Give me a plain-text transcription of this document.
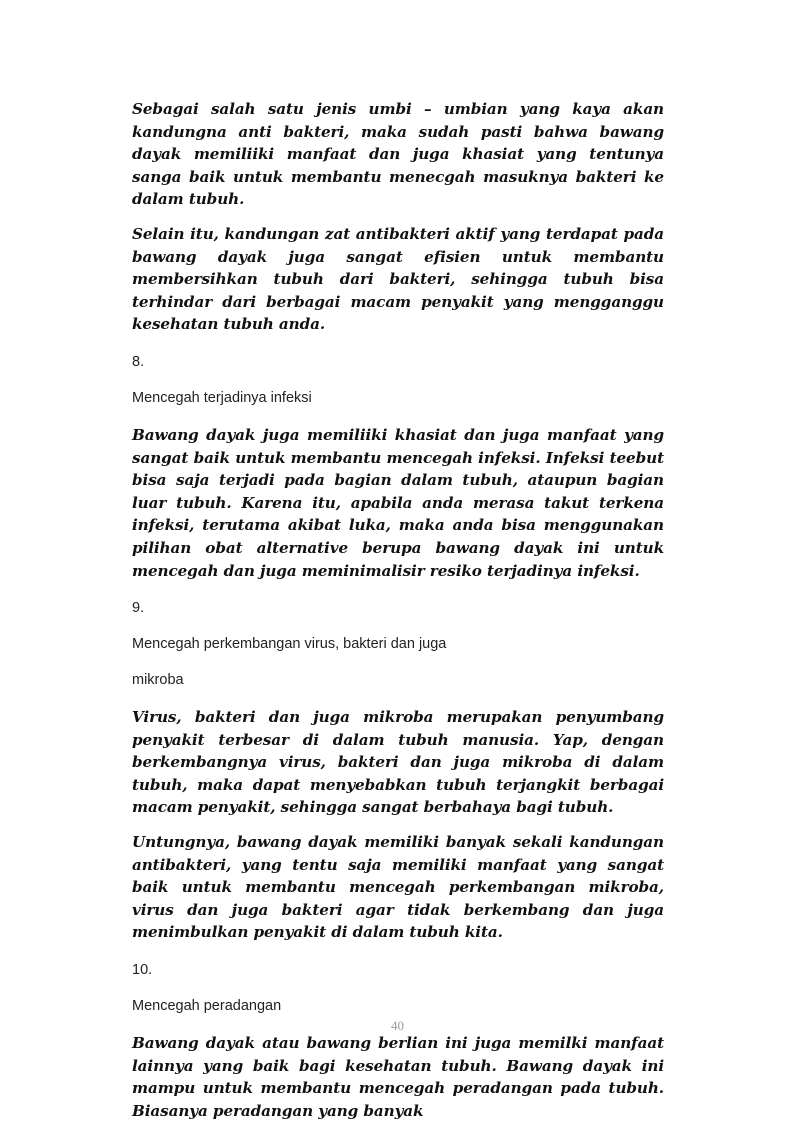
Sebagai salah satu jenis umbi – umbian yang kaya akan kandungna anti bakteri, maka sudah pasti bahwa bawang dayak memiliiki manfaat dan juga khasiat yang tentunya sanga baik untuk membantu menecgah masuknya bakteri ke dalam tubuh.

Selain itu, kandungan zat antibakteri aktif yang terdapat pada bawang dayak juga sangat efisien untuk membantu membersihkan tubuh dari bakteri, sehingga tubuh bisa terhindar dari berbagai macam penyakit yang mengganggu kesehatan tubuh anda.

8.

Mencegah terjadinya infeksi

Bawang dayak juga memiliiki khasiat dan juga manfaat yang sangat baik untuk membantu mencegah infeksi. Infeksi teebut bisa saja terjadi pada bagian dalam tubuh, ataupun bagian luar tubuh. Karena itu, apabila anda merasa takut terkena infeksi, terutama akibat luka, maka anda bisa menggunakan pilihan obat alternative berupa bawang dayak ini untuk mencegah dan juga meminimalisir resiko terjadinya infeksi.

9.

Mencegah perkembangan virus, bakteri dan juga

mikroba

Virus, bakteri dan juga mikroba merupakan penyumbang penyakit terbesar di dalam tubuh manusia. Yap, dengan berkembangnya virus, bakteri dan juga mikroba di dalam tubuh, maka dapat menyebabkan tubuh terjangkit berbagai macam penyakit, sehingga sangat berbahaya bagi tubuh.

Untungnya, bawang dayak memiliki banyak sekali kandungan antibakteri, yang tentu saja memiliki manfaat yang sangat baik untuk membantu mencegah perkembangan mikroba, virus dan juga bakteri agar tidak berkembang dan juga menimbulkan penyakit di dalam tubuh kita.

10.

Mencegah peradangan

Bawang dayak atau bawang berlian ini juga memilki manfaat lainnya yang baik bagi kesehatan tubuh. Bawang dayak ini mampu untuk membantu mencegah peradangan pada tubuh. Biasanya peradangan yang banyak

40
